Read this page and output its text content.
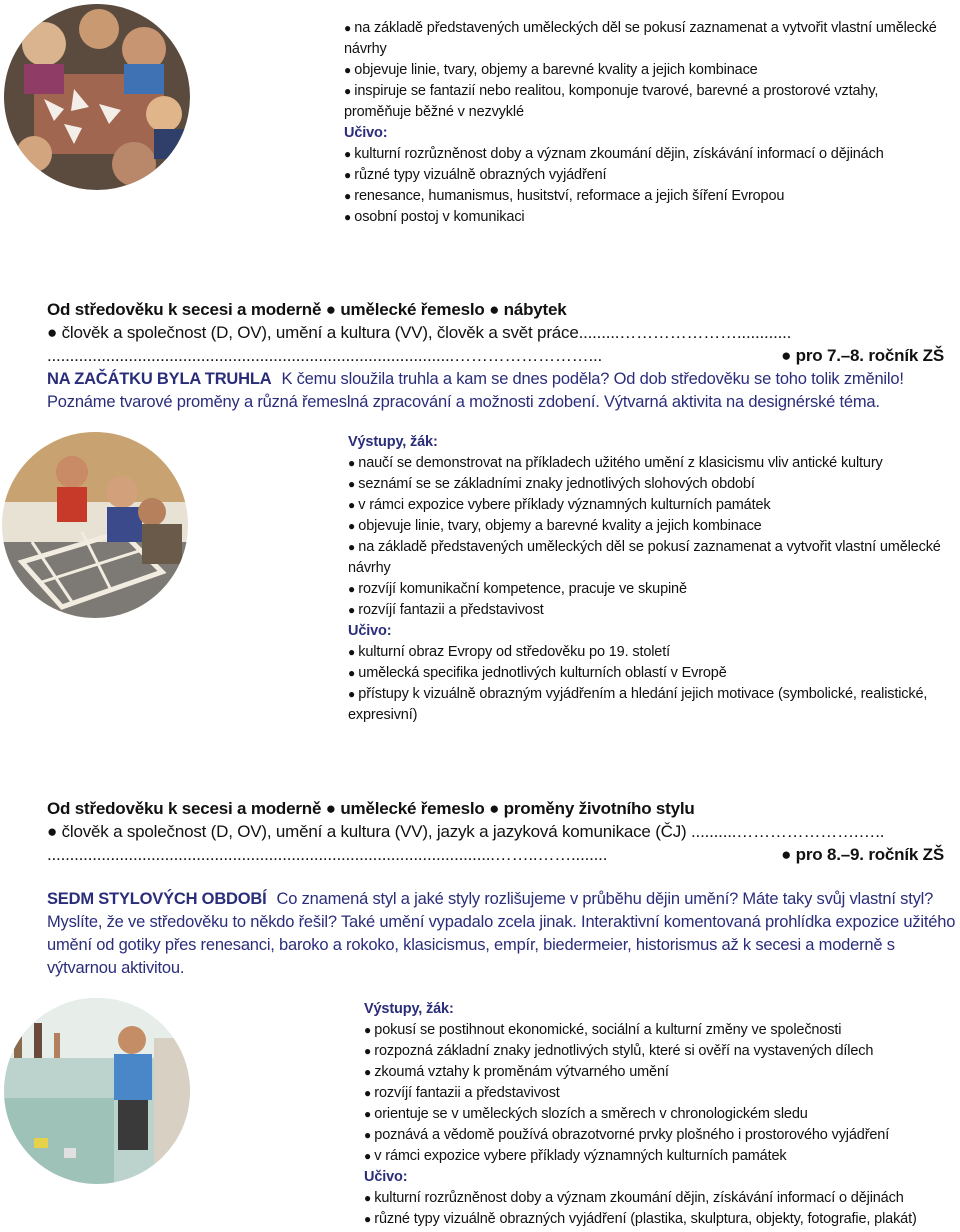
● na základě představených uměleckých děl se pokusí zaznamenat a vytvořit vlastní umělecké návrhy
● objevuje linie, tvary, objemy a barevné kvality a jejich kombinace
● inspiruje se fantazií nebo realitou, komponuje tvarové, barevné a prostorové vztahy, proměňuje běžné v nezvyklé
Učivo:
● kulturní rozrůzněnost doby a význam zkoumání dějin, získávání informací o dějinách
● různé typy vizuálně obrazných vyjádření
● renesance, humanismus, husitství, reformace a jejich šíření Evropou
● osobní postoj v komunikaci
Od středověku k secesi a moderně ● umělecké řemeslo ● nábytek
● člověk a společnost (D, OV), umění a kultura (VV), člověk a svět práce.........…………………............
..........................................................................................……………………...	● pro 7.–8. ročník ZŠ
NA ZAČÁTKU BYLA TRUHLA K čemu sloužila truhla a kam se dnes poděla? Od dob středověku se toho tolik změnilo! Poznáme tvarové proměny a různá řemeslná zpracování a možnosti zdobení. Výtvarná aktivita na designérské téma.
Výstupy, žák:
● naučí se demonstrovat na příkladech užitého umění z klasicismu vliv antické kultury
● seznámí se se základními znaky jednotlivých slohových období
● v rámci expozice vybere příklady významných kulturních památek
● objevuje linie, tvary, objemy a barevné kvality a jejich kombinace
● na základě představených uměleckých děl se pokusí zaznamenat a vytvořit vlastní umělecké návrhy
● rozvíjí komunikační kompetence, pracuje ve skupině
● rozvíjí fantazii a představivost
Učivo:
● kulturní obraz Evropy od středověku po 19. století
● umělecká specifika jednotlivých kulturních oblastí v Evropě
● přístupy k vizuálně obrazným vyjádřením a hledání jejich motivace (symbolické, realistické, expresivní)
Od středověku k secesi a moderně ● umělecké řemeslo ● proměny životního stylu
● člověk a společnost (D, OV), umění a kultura (VV), jazyk a jazyková komunikace (ČJ) ..........………………….…..
...................................................................................................……..……........	● pro 8.–9. ročník ZŠ
SEDM STYLOVÝCH OBDOBÍ Co znamená styl a jaké styly rozlišujeme v průběhu dějin umění? Máte taky svůj vlastní styl? Myslíte, že ve středověku to někdo řešil? Také umění vypadalo zcela jinak. Interaktivní komentovaná prohlídka expozice užitého umění od gotiky přes renesanci, baroko a rokoko, klasicismus, empír, biedermeier, historismus až k secesi a moderně s výtvarnou aktivitou.
Výstupy, žák:
● pokusí se postihnout ekonomické, sociální a kulturní změny ve společnosti
● rozpozná základní znaky jednotlivých stylů, které si ověří na vystavených dílech
● zkoumá vztahy k proměnám výtvarného umění
● rozvíjí fantazii a představivost
● orientuje se v uměleckých slozích a směrech v chronologickém sledu
● poznává a vědomě používá obrazotvorné prvky plošného i prostorového vyjádření
● v rámci expozice vybere příklady významných kulturních památek
Učivo:
● kulturní rozrůzněnost doby a význam zkoumání dějin, získávání informací o dějinách
● různé typy vizuálně obrazných vyjádření (plastika, skulptura, objekty, fotografie, plakát)
